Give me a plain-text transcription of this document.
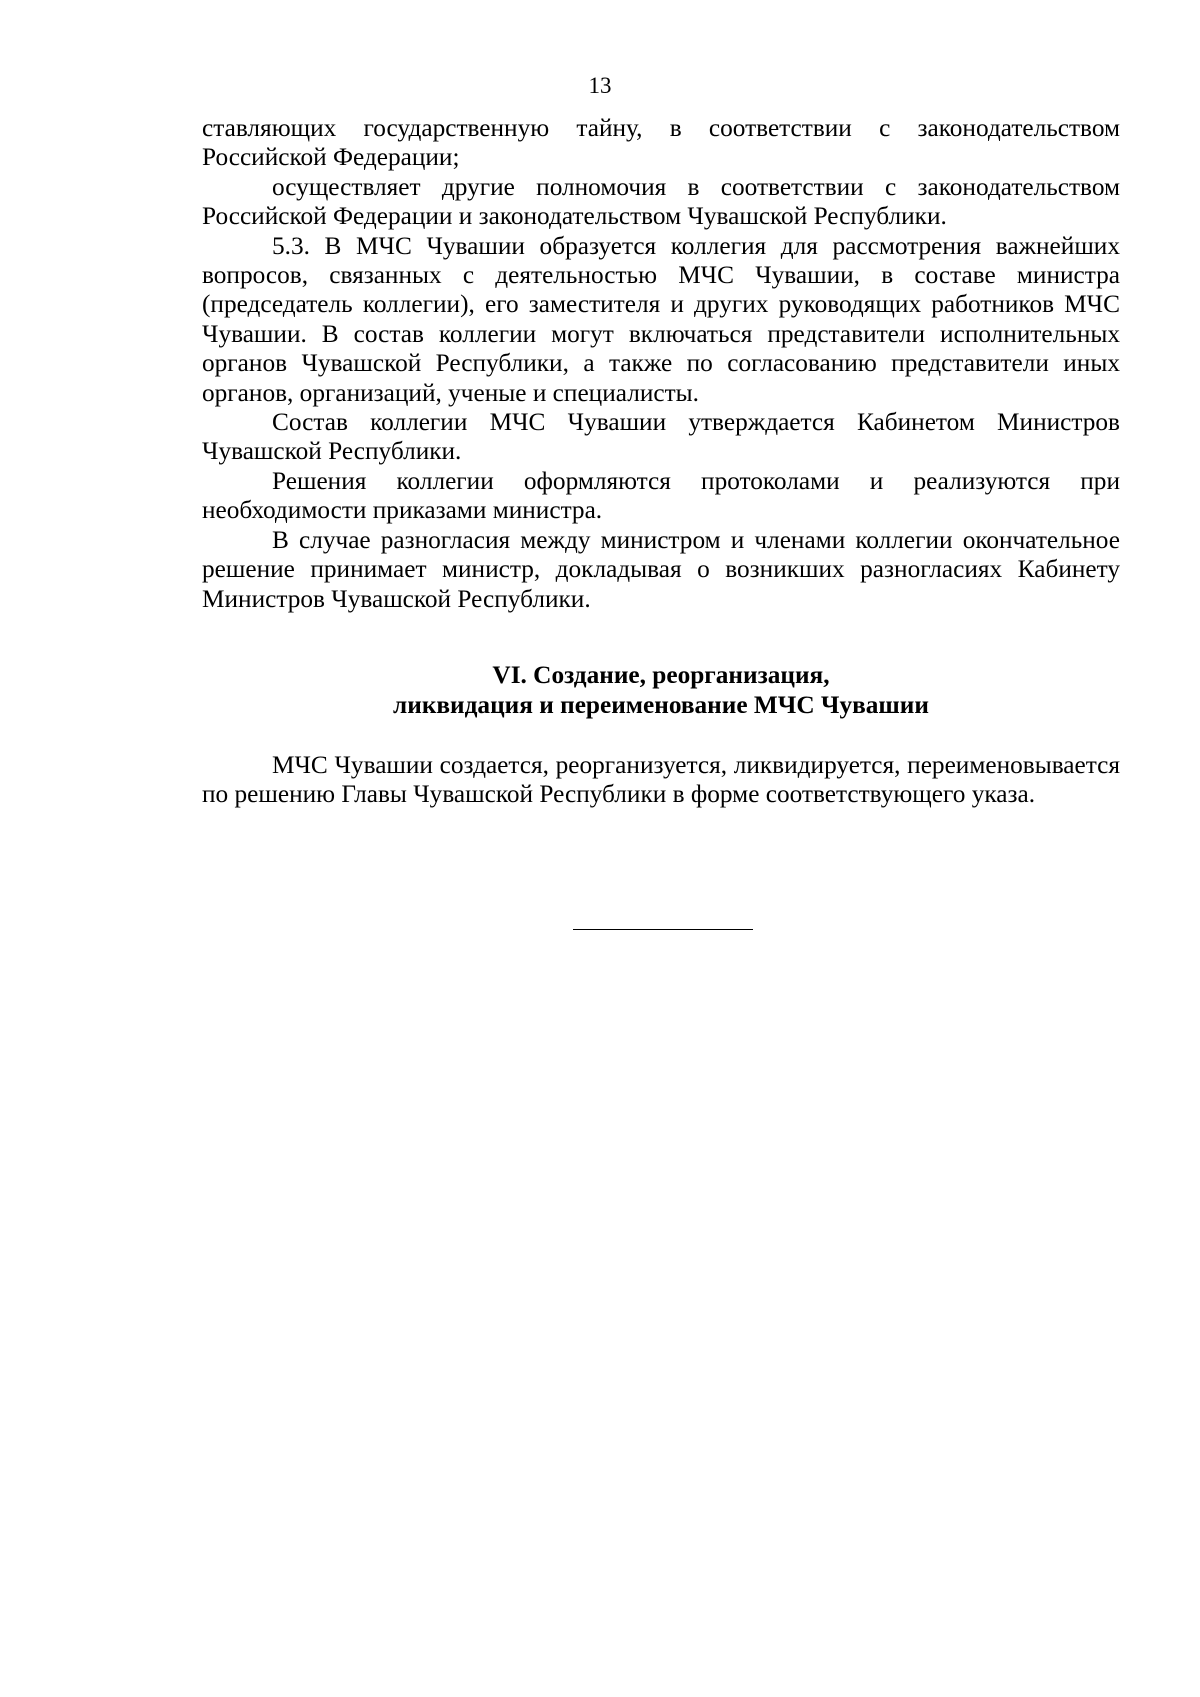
13

ставляющих государственную тайну, в соответствии с законодательством Российской Федерации;

осуществляет другие полномочия в соответствии с законодательством Российской Федерации и законодательством Чувашской Республики.

5.3. В МЧС Чувашии образуется коллегия для рассмотрения важнейших вопросов, связанных с деятельностью МЧС Чувашии, в составе министра (председатель коллегии), его заместителя и других руководящих работников МЧС Чувашии. В состав коллегии могут включаться представители исполнительных органов Чувашской Республики, а также по согласованию представители иных органов, организаций, ученые и специалисты.

Состав коллегии МЧС Чувашии утверждается Кабинетом Министров Чувашской Республики.

Решения коллегии оформляются протоколами и реализуются при необходимости приказами министра.

В случае разногласия между министром и членами коллегии окончательное решение принимает министр, докладывая о возникших разногласиях Кабинету Министров Чувашской Республики.

VI. Создание, реорганизация,
ликвидация и переименование МЧС Чувашии

МЧС Чувашии создается, реорганизуется, ликвидируется, переименовывается по решению Главы Чувашской Республики в форме соответствующего указа.
